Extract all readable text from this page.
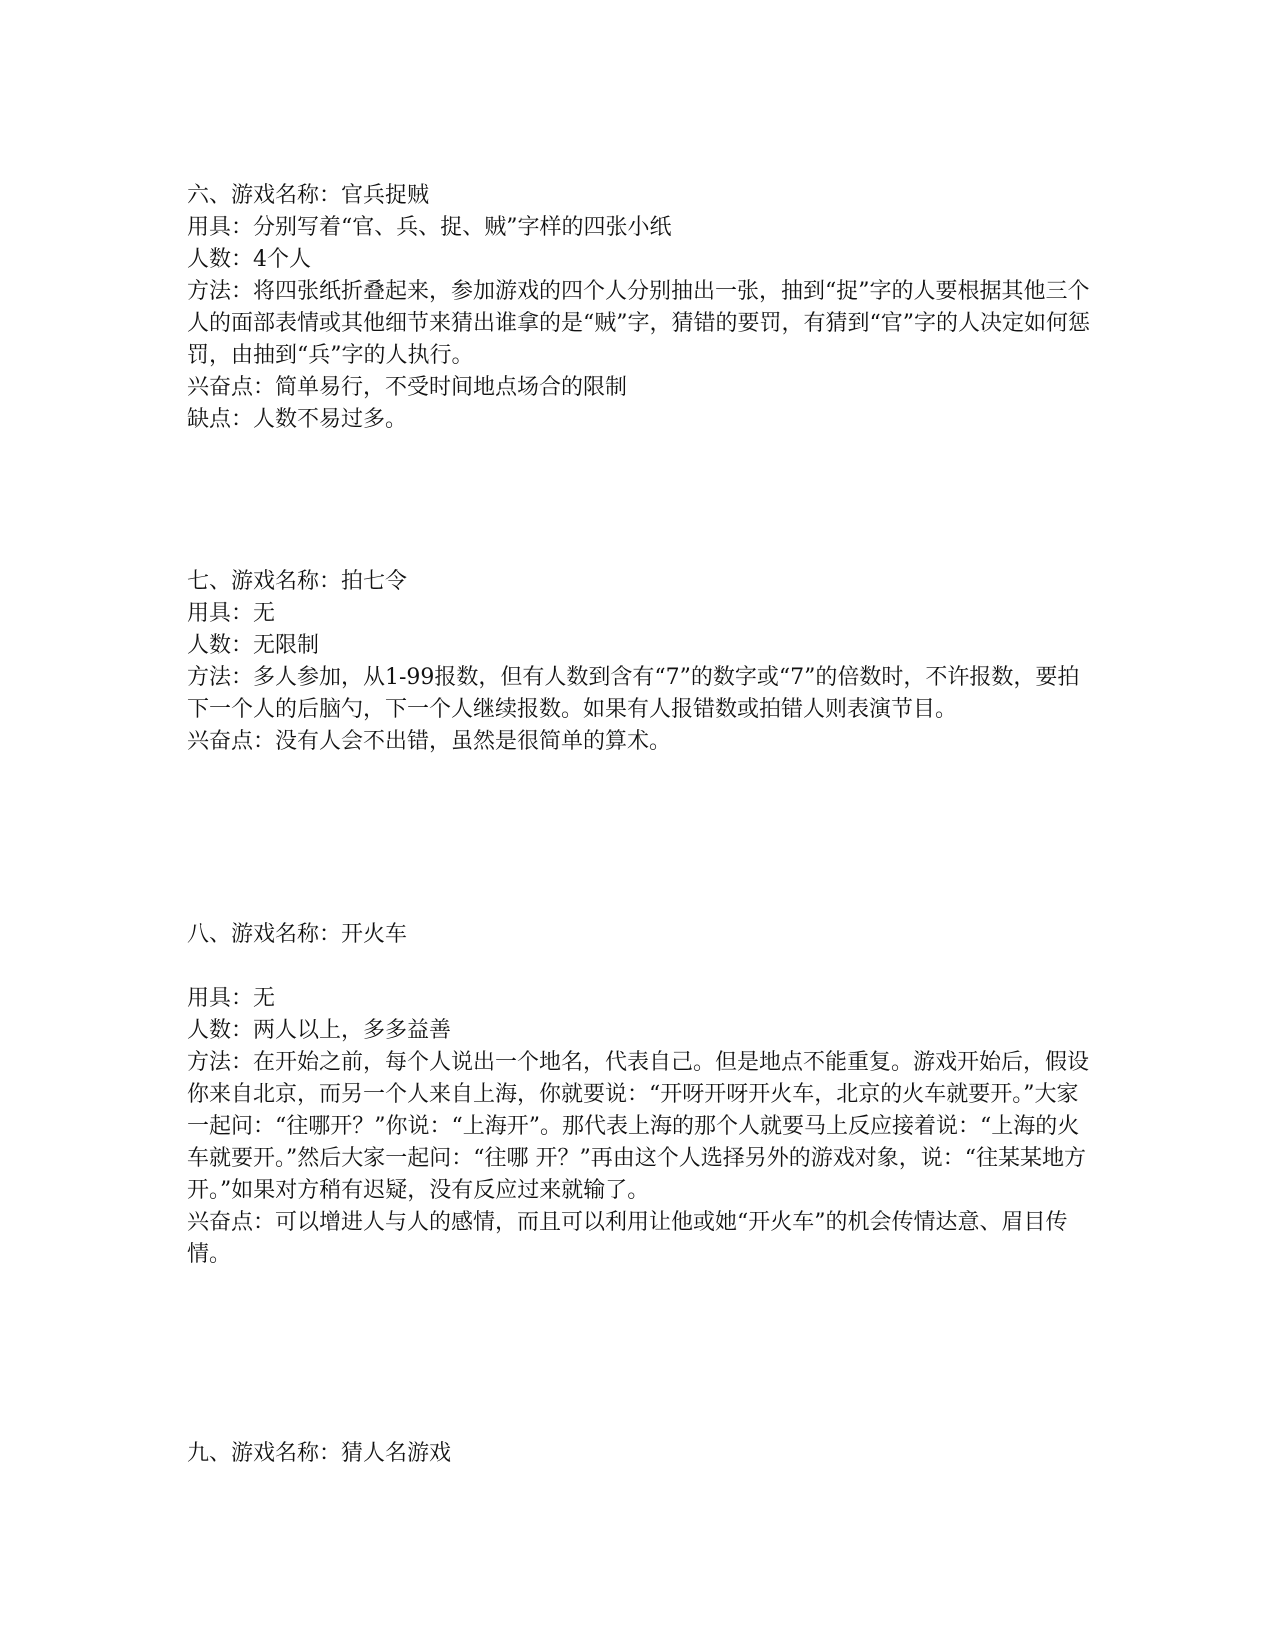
六、游戏名称：官兵捉贼
用具：分别写着“官、兵、捉、贼”字样的四张小纸
人数：4个人
方法：将四张纸折叠起来，参加游戏的四个人分别抽出一张，抽到“捉”字的人要根据其他三个人的面部表情或其他细节来猜出谁拿的是“贼”字，猜错的要罚，有猜到“官”字的人决定如何惩罚，由抽到“兵”字的人执行。
兴奋点：简单易行，不受时间地点场合的限制
缺点：人数不易过多。
七、游戏名称：拍七令
用具：无
人数：无限制
方法：多人参加，从1-99报数，但有人数到含有“7”的数字或“7”的倍数时，不许报数，要拍下一个人的后脑勺，下一个人继续报数。如果有人报错数或拍错人则表演节目。
兴奋点：没有人会不出错，虽然是很简单的算术。
八、游戏名称：开火车
用具：无
人数：两人以上，多多益善
方法：在开始之前，每个人说出一个地名，代表自己。但是地点不能重复。游戏开始后，假设你来自北京，而另一个人来自上海，你就要说：“开呀开呀开火车，北京的火车就要开。”大家一起问：“往哪开？”你说：“上海开”。那代表上海的那个人就要马上反应接着说：“上海的火车就要开。”然后大家一起问：“往哪 开？”再由这个人选择另外的游戏对象，说：“往某某地方开。”如果对方稍有迟疑，没有反应过来就输了。
兴奋点：可以增进人与人的感情，而且可以利用让他或她“开火车”的机会传情达意、眉目传情。
九、游戏名称：猜人名游戏
